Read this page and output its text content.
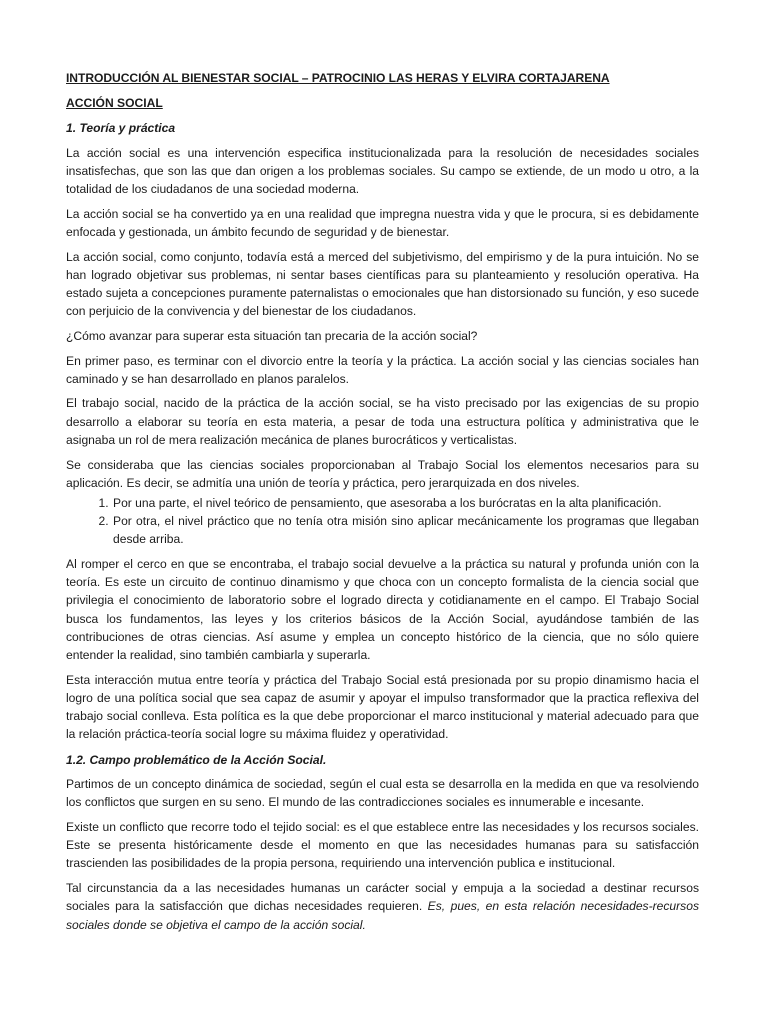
INTRODUCCIÓN AL BIENESTAR SOCIAL – PATROCINIO LAS HERAS Y ELVIRA CORTAJARENA
ACCIÓN SOCIAL
1. Teoría y práctica

La acción social es una intervención especifica institucionalizada para la resolución de necesidades sociales insatisfechas, que son las que dan origen a los problemas sociales. Su campo se extiende, de un modo u otro, a la totalidad de los ciudadanos de una sociedad moderna.

La acción social se ha convertido ya en una realidad que impregna nuestra vida y que le procura, si es debidamente enfocada y gestionada, un ámbito fecundo de seguridad y de bienestar.

La acción social, como conjunto, todavía está a merced del subjetivismo, del empirismo y de la pura intuición. No se han logrado objetivar sus problemas, ni sentar bases científicas para su planteamiento y resolución operativa. Ha estado sujeta a concepciones puramente paternalistas o emocionales que han distorsionado su función, y eso sucede con perjuicio de la convivencia y del bienestar de los ciudadanos.

¿Cómo avanzar para superar esta situación tan precaria de la acción social?

En primer paso, es terminar con el divorcio entre la teoría y la práctica. La acción social y las ciencias sociales han caminado y se han desarrollado en planos paralelos.

El trabajo social, nacido de la práctica de la acción social, se ha visto precisado por las exigencias de su propio desarrollo a elaborar su teoría en esta materia, a pesar de toda una estructura política y administrativa que le asignaba un rol de mera realización mecánica de planes burocráticos y verticalistas.

Se consideraba que las ciencias sociales proporcionaban al Trabajo Social los elementos necesarios para su aplicación. Es decir, se admitía una unión de teoría y práctica, pero jerarquizada en dos niveles.

1. Por una parte, el nivel teórico de pensamiento, que asesoraba a los burócratas en la alta planificación.
2. Por otra, el nivel práctico que no tenía otra misión sino aplicar mecánicamente los programas que llegaban desde arriba.

Al romper el cerco en que se encontraba, el trabajo social devuelve a la práctica su natural y profunda unión con la teoría. Es este un circuito de continuo dinamismo y que choca con un concepto formalista de la ciencia social que privilegia el conocimiento de laboratorio sobre el logrado directa y cotidianamente en el campo. El Trabajo Social busca los fundamentos, las leyes y los criterios básicos de la Acción Social, ayudándose también de las contribuciones de otras ciencias. Así asume y emplea un concepto histórico de la ciencia, que no sólo quiere entender la realidad, sino también cambiarla y superarla.

Esta interacción mutua entre teoría y práctica del Trabajo Social está presionada por su propio dinamismo hacia el logro de una política social que sea capaz de asumir y apoyar el impulso transformador que la practica reflexiva del trabajo social conlleva. Esta política es la que debe proporcionar el marco institucional y material adecuado para que la relación práctica-teoría social logre su máxima fluidez y operatividad.

1.2. Campo problemático de la Acción Social.

Partimos de un concepto dinámica de sociedad, según el cual esta se desarrolla en la medida en que va resolviendo los conflictos que surgen en su seno. El mundo de las contradicciones sociales es innumerable e incesante.

Existe un conflicto que recorre todo el tejido social: es el que establece entre las necesidades y los recursos sociales. Este se presenta históricamente desde el momento en que las necesidades humanas para su satisfacción trascienden las posibilidades de la propia persona, requiriendo una intervención publica e institucional.

Tal circunstancia da a las necesidades humanas un carácter social y empuja a la sociedad a destinar recursos sociales para la satisfacción que dichas necesidades requieren. Es, pues, en esta relación necesidades-recursos sociales donde se objetiva el campo de la acción social.
